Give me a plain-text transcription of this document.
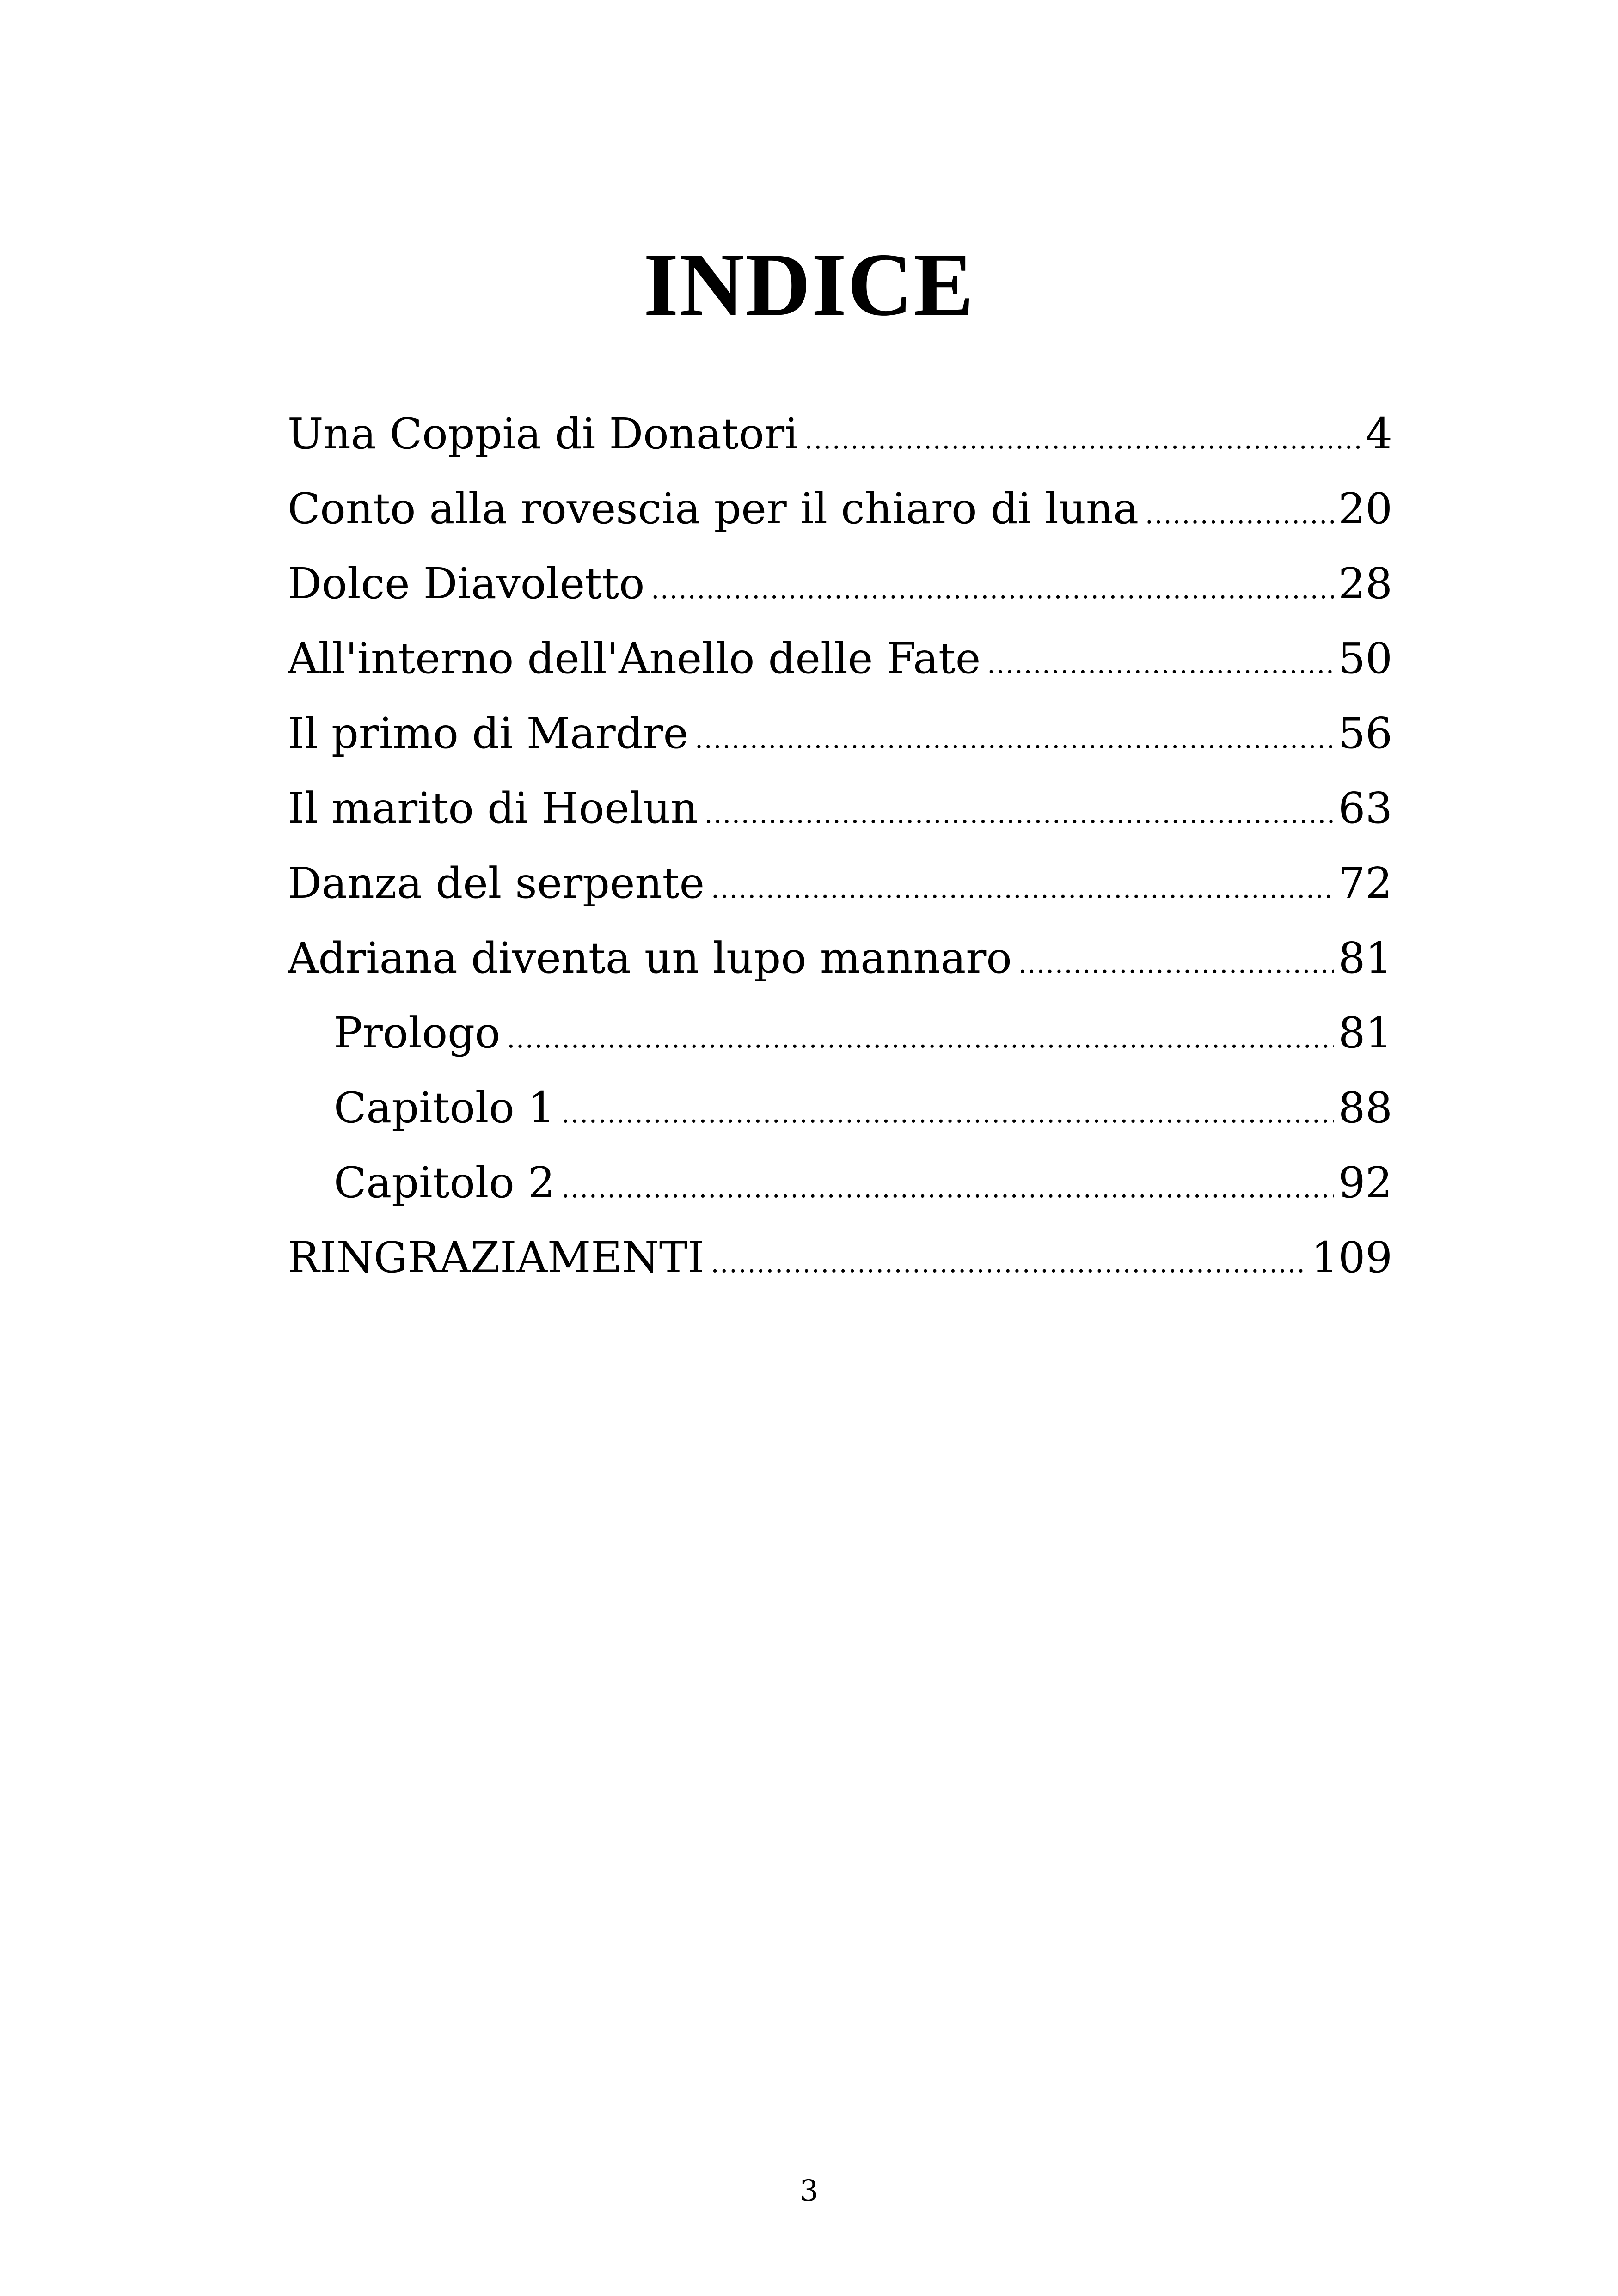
INDICE
Una Coppia di Donatori .....	4
Conto alla rovescia per il chiaro di luna .....	20
Dolce Diavoletto .....	28
All'interno dell'Anello delle Fate .....	50
Il primo di Mardre .....	56
Il marito di Hoelun .....	63
Danza del serpente .....	72
Adriana diventa un lupo mannaro .....	81
Prologo .....	81
Capitolo 1 .....	88
Capitolo 2 .....	92
RINGRAZIAMENTI .....	109
3
